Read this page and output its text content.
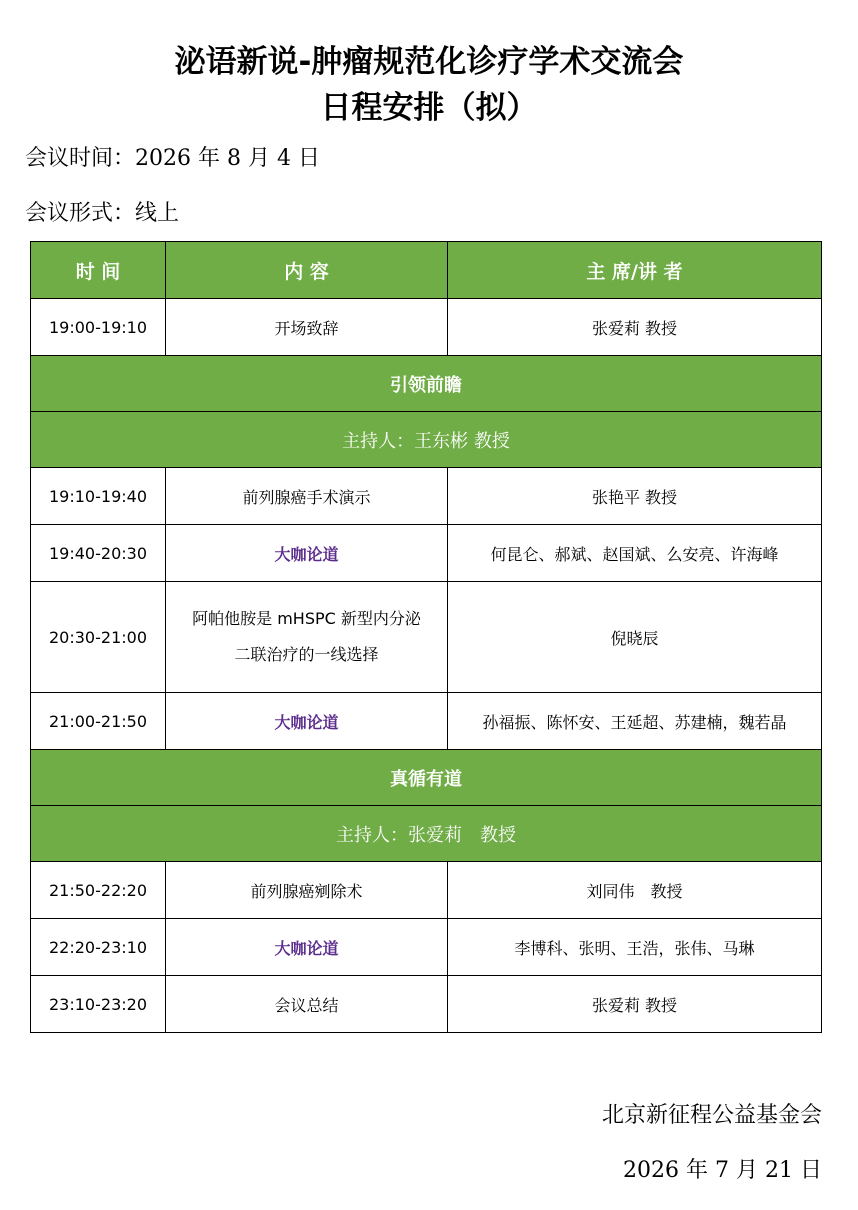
泌语新说-肿瘤规范化诊疗学术交流会
日程安排（拟）
会议时间：2026 年 8 月 4 日
会议形式：线上
时 间	内 容	主 席/讲 者
19:00-19:10	开场致辞	张爱莉 教授
引领前瞻		
主持人：王东彬 教授		
19:10-19:40	前列腺癌手术演示	张艳平 教授
19:40-20:30	大咖论道	何昆仑、郝斌、赵国斌、么安亮、许海峰
20:30-21:00	阿帕他胺是 mHSPC 新型内分泌
二联治疗的一线选择	倪晓辰
21:00-21:50	大咖论道	孙福振、陈怀安、王延超、苏建楠，魏若晶
真循有道		
主持人：张爱莉　教授		
21:50-22:20	前列腺癌剜除术	刘同伟　教授
22:20-23:10	大咖论道	李博科、张明、王浩，张伟、马琳
23:10-23:20	会议总结	张爱莉 教授
北京新征程公益基金会
2026 年 7 月 21 日
